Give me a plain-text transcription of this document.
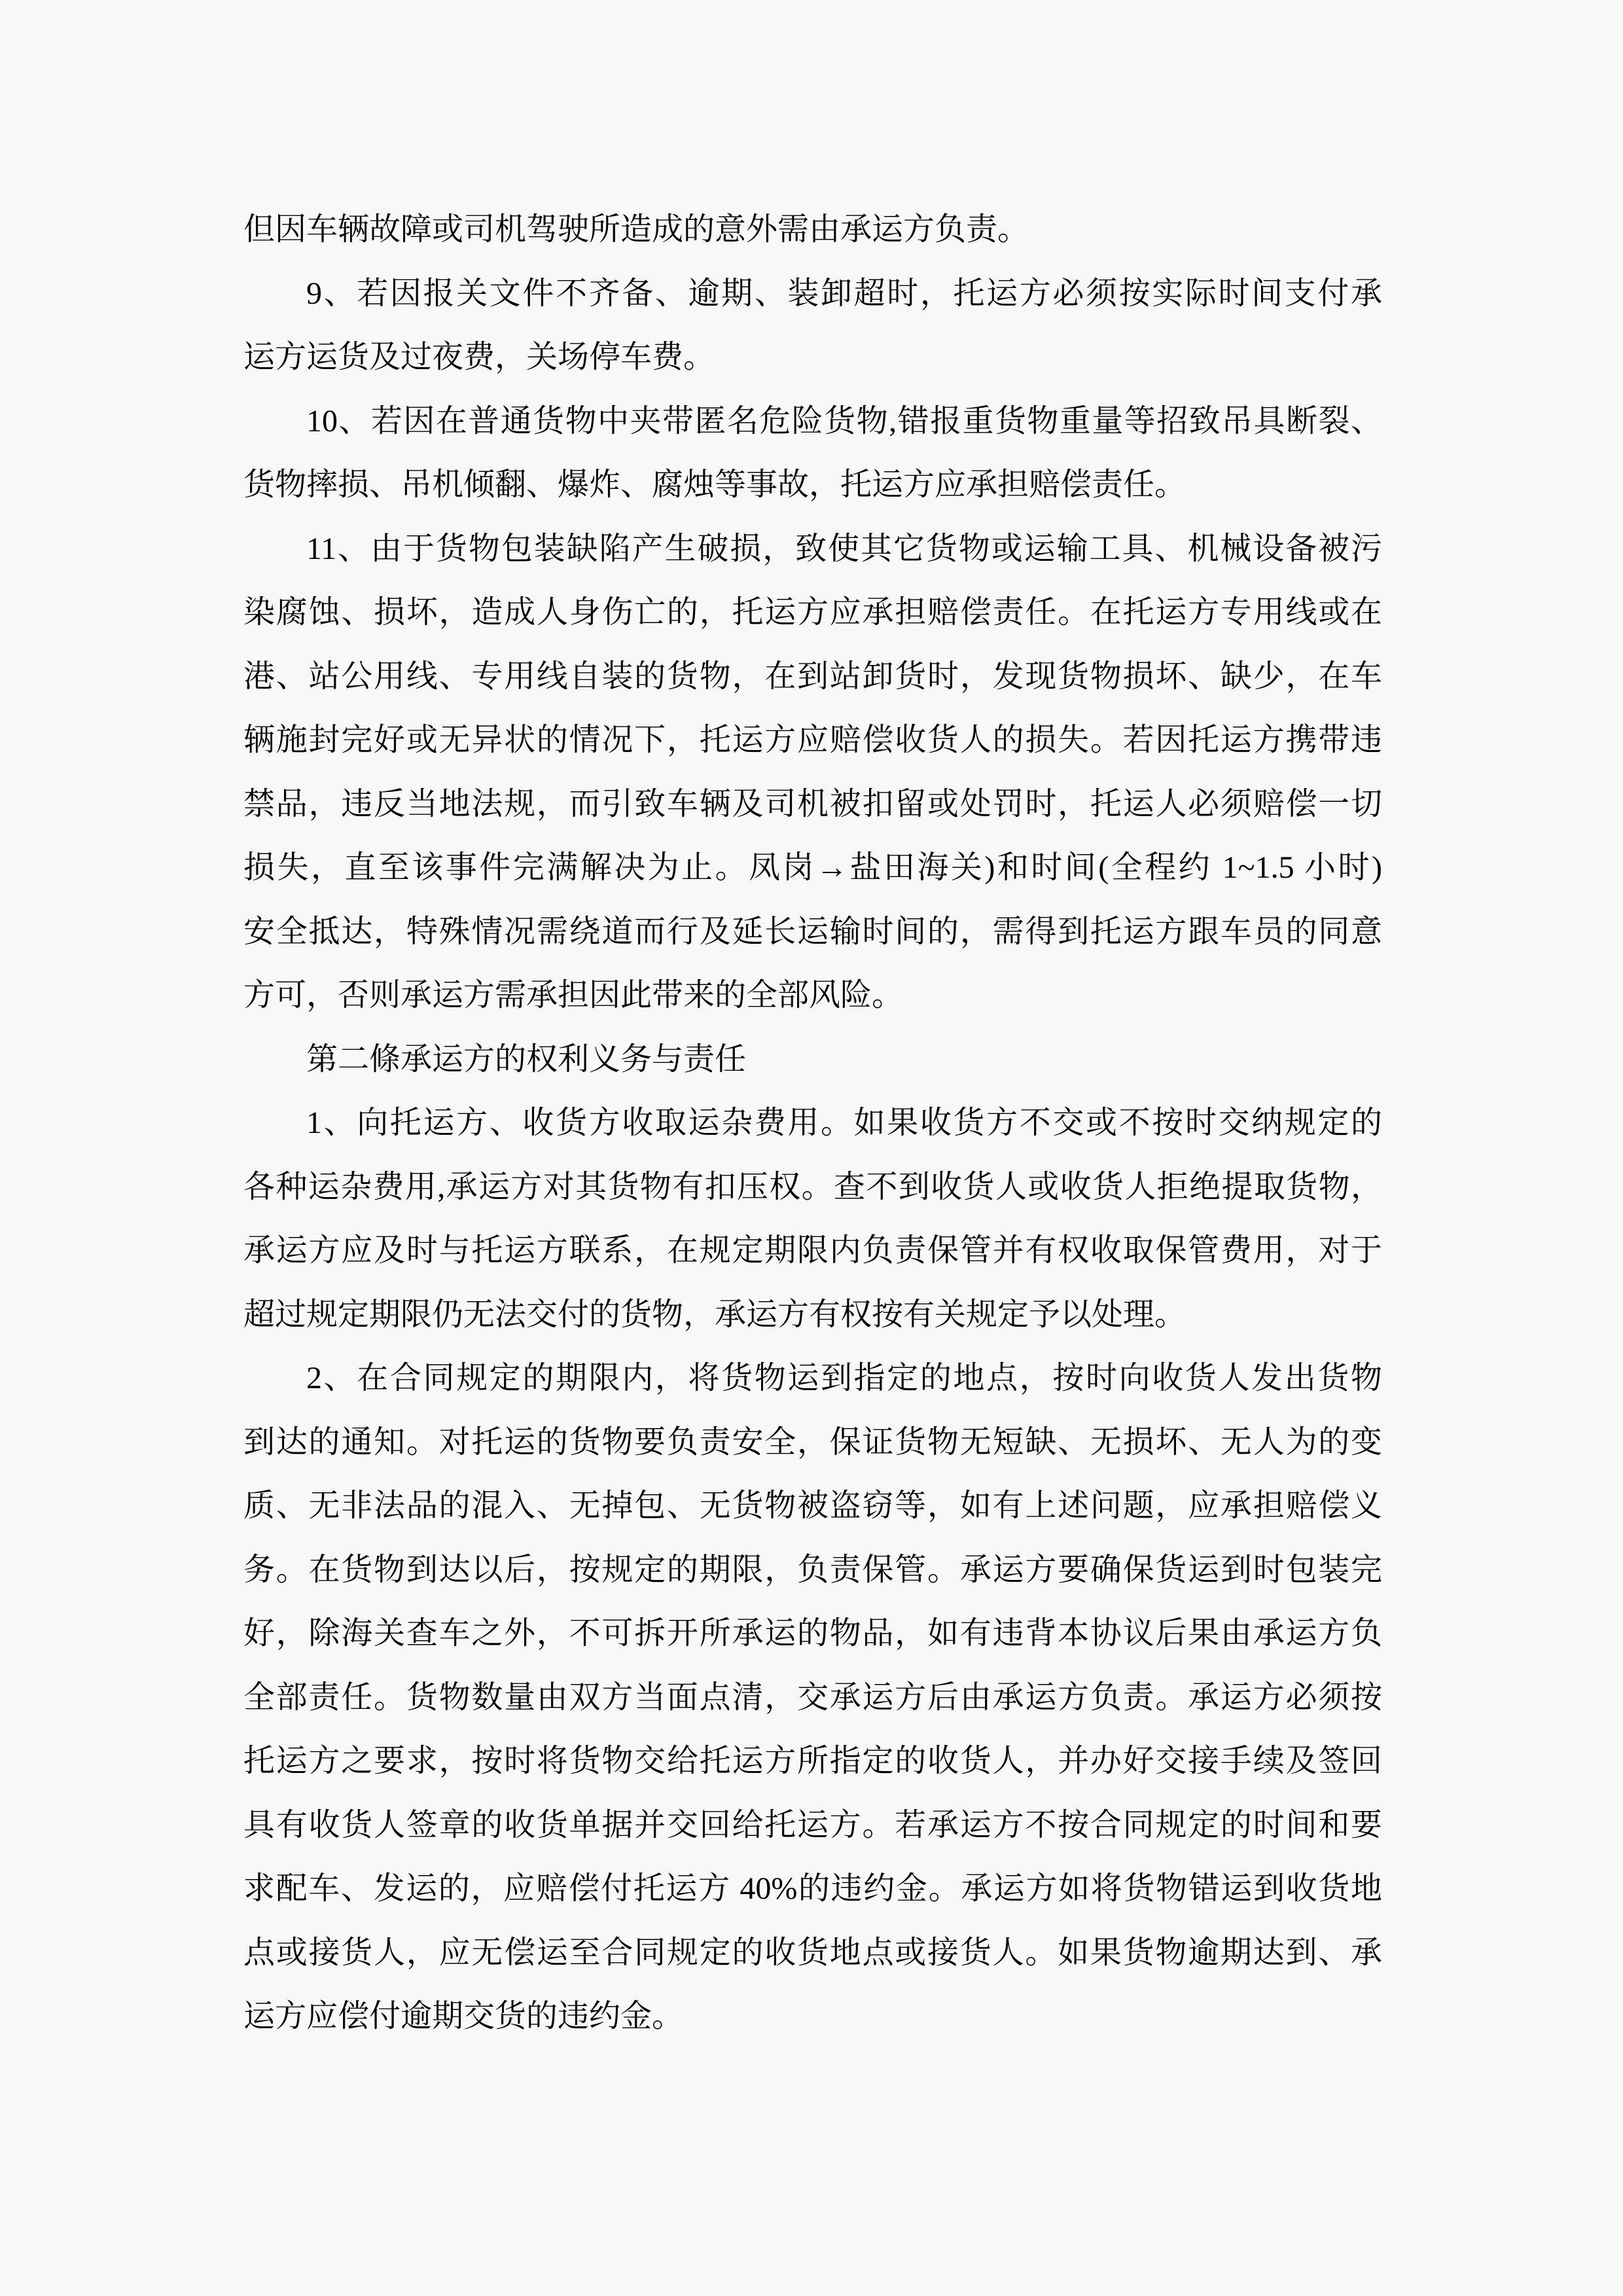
但因车辆故障或司机驾驶所造成的意外需由承运方负责。
9、若因报关文件不齐备、逾期、装卸超时，托运方必须按实际时间支付承
运方运货及过夜费，关场停车费。
10、若因在普通货物中夹带匿名危险货物,错报重货物重量等招致吊具断裂、
货物摔损、吊机倾翻、爆炸、腐烛等事故，托运方应承担赔偿责任。
11、由于货物包装缺陷产生破损，致使其它货物或运输工具、机械设备被污
染腐蚀、损坏，造成人身伤亡的，托运方应承担赔偿责任。在托运方专用线或在
港、站公用线、专用线自装的货物，在到站卸货时，发现货物损坏、缺少，在车
辆施封完好或无异状的情况下，托运方应赔偿收货人的损失。若因托运方携带违
禁品，违反当地法规，而引致车辆及司机被扣留或处罚时，托运人必须赔偿一切
损失，直至该事件完满解决为止。凤岗→盐田海关)和时间(全程约 1~1.5 小时)
安全抵达，特殊情况需绕道而行及延长运输时间的，需得到托运方跟车员的同意
方可，否则承运方需承担因此带来的全部风险。
第二條承运方的权利义务与责任
1、向托运方、收货方收取运杂费用。如果收货方不交或不按时交纳规定的
各种运杂费用,承运方对其货物有扣压权。查不到收货人或收货人拒绝提取货物，
承运方应及时与托运方联系，在规定期限内负责保管并有权收取保管费用，对于
超过规定期限仍无法交付的货物，承运方有权按有关规定予以处理。
2、在合同规定的期限内，将货物运到指定的地点，按时向收货人发出货物
到达的通知。对托运的货物要负责安全，保证货物无短缺、无损坏、无人为的变
质、无非法品的混入、无掉包、无货物被盗窃等，如有上述问题，应承担赔偿义
务。在货物到达以后，按规定的期限，负责保管。承运方要确保货运到时包装完
好，除海关查车之外，不可拆开所承运的物品，如有违背本协议后果由承运方负
全部责任。货物数量由双方当面点清，交承运方后由承运方负责。承运方必须按
托运方之要求，按时将货物交给托运方所指定的收货人，并办好交接手续及签回
具有收货人签章的收货单据并交回给托运方。若承运方不按合同规定的时间和要
求配车、发运的，应赔偿付托运方 40%的违约金。承运方如将货物错运到收货地
点或接货人，应无偿运至合同规定的收货地点或接货人。如果货物逾期达到、承
运方应偿付逾期交货的违约金。
